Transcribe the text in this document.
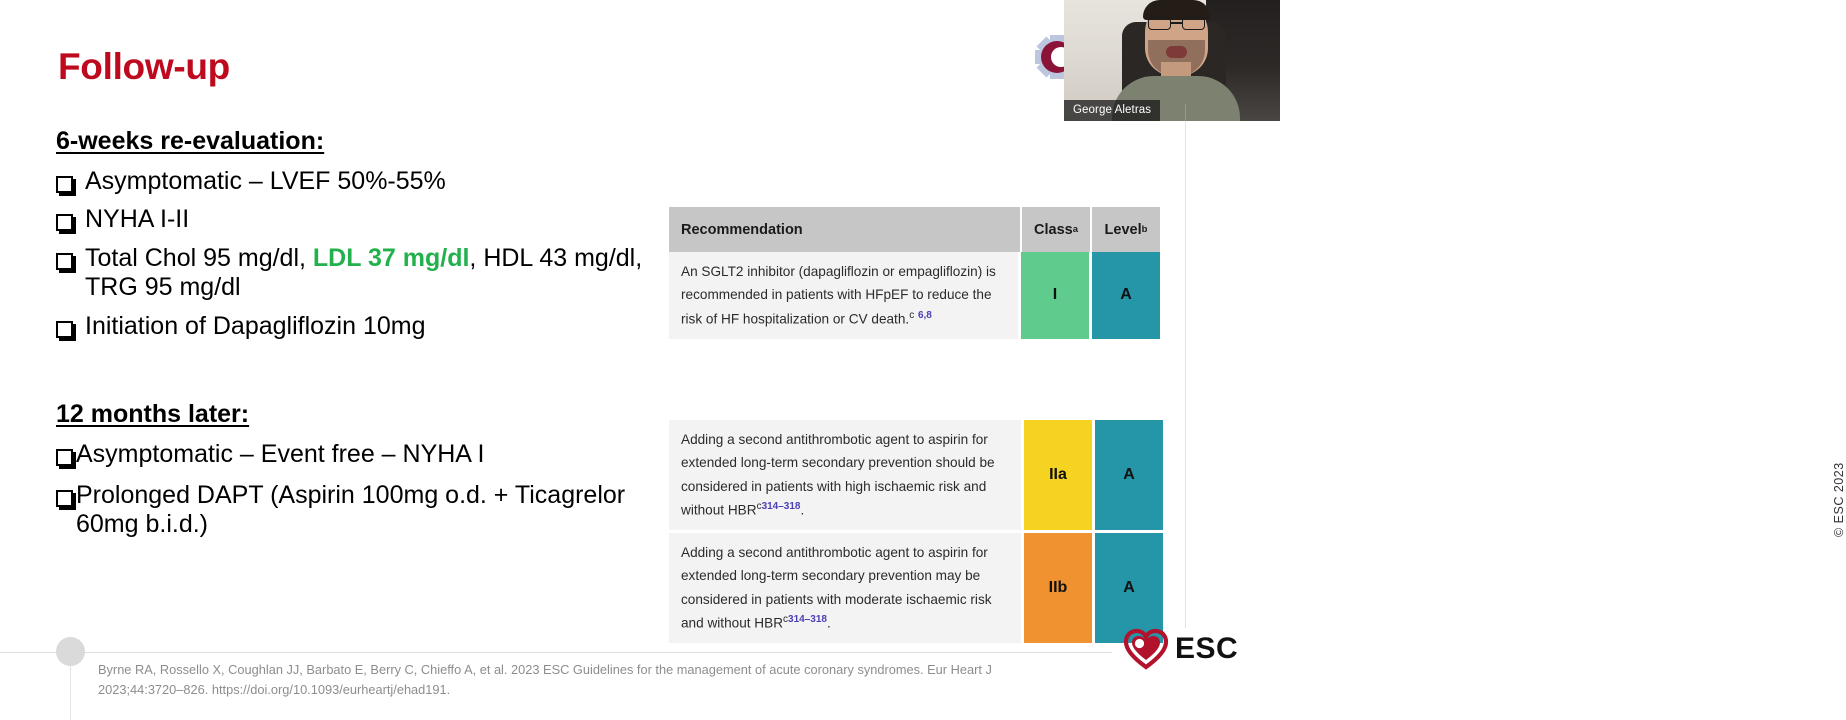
Follow-up
6-weeks re-evaluation:
Asymptomatic – LVEF 50%-55%
NYHA I-II
Total Chol 95 mg/dl, LDL 37 mg/dl, HDL 43 mg/dl, TRG 95 mg/dl
Initiation of Dapagliflozin 10mg
12 months later:
Asymptomatic – Event free – NYHA I
Prolonged DAPT (Aspirin 100mg o.d. + Ticagrelor 60mg b.i.d.)
Recommendation	Class a Level b
An SGLT2 inhibitor (dapagliflozin or empagliflozin) is recommended in patients with HFpEF to reduce the risk of HF hospitalization or CV death.$^c$ $^{6,8}$
I	A
© ESC 2023
Adding a second antithrombotic agent to aspirin for extended long-term secondary prevention should be considered in patients with high ischaemic risk and without HBR$^{c314-318}$.
IIa	A
Adding a second antithrombotic agent to aspirin for extended long-term secondary prevention may be considered in patients with moderate ischaemic risk and without HBR$^{c314-318}$.
IIb	A
Byrne RA, Rossello X, Coughlan JJ, Barbato E, Berry C, Chieffo A, et al. 2023 ESC Guidelines for the management of acute coronary syndromes. Eur Heart J 2023;44:3720–826. https://doi.org/10.1093/eurheartj/ehad191.
ESC
George Aletras
